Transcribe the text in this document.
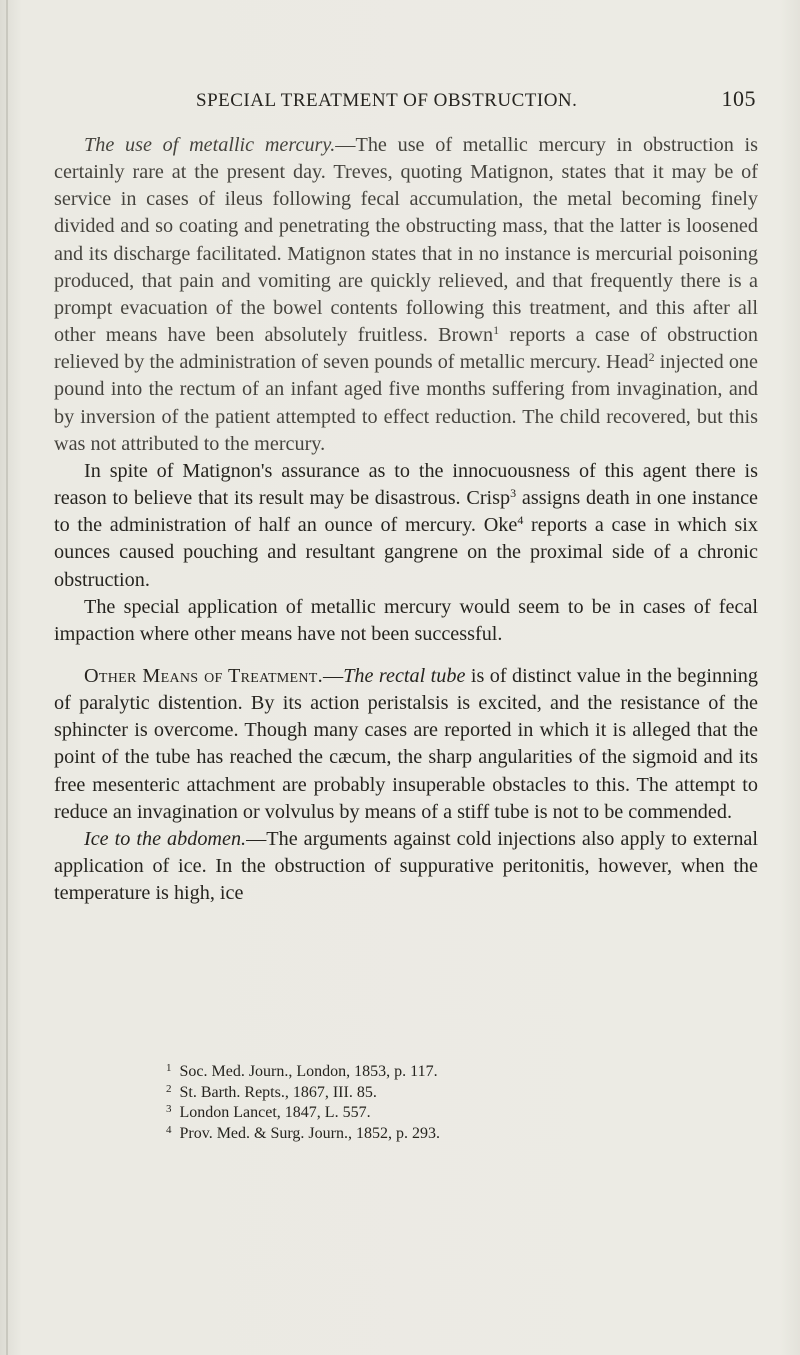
SPECIAL TREATMENT OF OBSTRUCTION.	105

The use of metallic mercury.—The use of metallic mercury in obstruction is certainly rare at the present day. Treves, quoting Matignon, states that it may be of service in cases of ileus following fecal accumulation, the metal becoming finely divided and so coating and penetrating the obstructing mass, that the latter is loosened and its discharge facilitated. Matignon states that in no instance is mercurial poisoning produced, that pain and vomiting are quickly relieved, and that frequently there is a prompt evacuation of the bowel contents following this treatment, and this after all other means have been absolutely fruitless. Brown$^1$ reports a case of obstruction relieved by the administration of seven pounds of metallic mercury. Head$^2$ injected one pound into the rectum of an infant aged five months suffering from invagination, and by inversion of the patient attempted to effect reduction. The child recovered, but this was not attributed to the mercury.

In spite of Matignon's assurance as to the innocuousness of this agent there is reason to believe that its result may be disastrous. Crisp$^3$ assigns death in one instance to the administration of half an ounce of mercury. Oke$^4$ reports a case in which six ounces caused pouching and resultant gangrene on the proximal side of a chronic obstruction.

The special application of metallic mercury would seem to be in cases of fecal impaction where other means have not been successful.

Other Means of Treatment.—The rectal tube is of distinct value in the beginning of paralytic distention. By its action peristalsis is excited, and the resistance of the sphincter is overcome. Though many cases are reported in which it is alleged that the point of the tube has reached the cæcum, the sharp angularities of the sigmoid and its free mesenteric attachment are probably insuperable obstacles to this. The attempt to reduce an invagination or volvulus by means of a stiff tube is not to be commended.

Ice to the abdomen.—The arguments against cold injections also apply to external application of ice. In the obstruction of suppurative peritonitis, however, when the temperature is high, ice

$^1$ Soc. Med. Journ., London, 1853, p. 117.
$^2$ St. Barth. Repts., 1867, III. 85.
$^3$ London Lancet, 1847, L. 557.
$^4$ Prov. Med. & Surg. Journ., 1852, p. 293.
